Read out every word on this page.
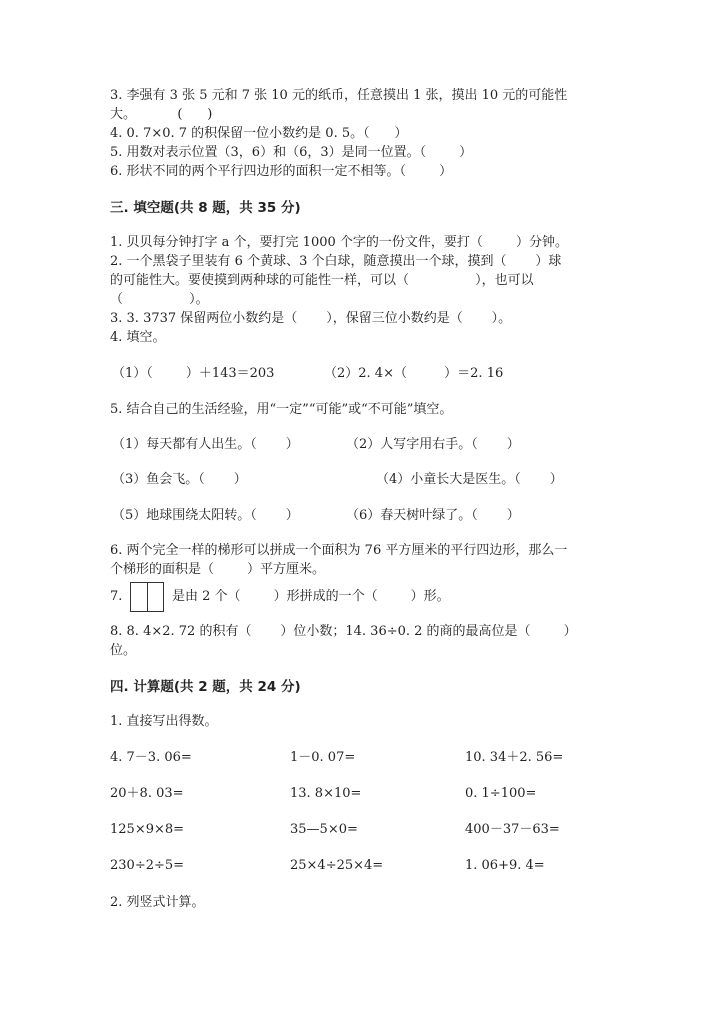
3. 李强有 3 张 5 元和 7 张 10 元的纸币，任意摸出 1 张，摸出 10 元的可能性
大。          (      )
4. 0. 7×0. 7 的积保留一位小数约是 0. 5。（      ）
5. 用数对表示位置（3，6）和（6，3）是同一位置。（        ）
6. 形状不同的两个平行四边形的面积一定不相等。（        ）
三. 填空题(共 8 题，共 35 分)
1. 贝贝每分钟打字 a 个，要打完 1000 个字的一份文件，要打（        ）分钟。
2. 一个黑袋子里装有 6 个黄球、3 个白球，随意摸出一个球，摸到（       ）球
的可能性大。要使摸到两种球的可能性一样，可以（                ），也可以
（                ）。
3. 3. 3737 保留两位小数约是（       ），保留三位小数约是（       ）。
4. 填空。
（1）（        ）＋143＝203	（2）2. 4×（         ）＝2. 16
5. 结合自己的生活经验，用“一定”“可能”或“不可能”填空。
（1）每天都有人出生。（       ）	（2）人写字用右手。（       ）
（3）鱼会飞。（       ）	（4）小童长大是医生。（       ）
（5）地球围绕太阳转。（       ）	（6）春天树叶绿了。（       ）
6. 两个完全一样的梯形可以拼成一个面积为 76 平方厘米的平行四边形，那么一
个梯形的面积是（        ）平方厘米。
7.	是由 2 个（        ）形拼成的一个（        ）形。
8. 8. 4×2. 72 的积有（       ）位小数；14. 36÷0. 2 的商的最高位是（        ）
位。
四. 计算题(共 2 题，共 24 分)
1. 直接写出得数。
4. 7－3. 06=	1－0. 07=	10. 34＋2. 56=
20＋8. 03=	13. 8×10=	0. 1÷100=
125×9×8=	35—5×0=	400－37－63=
230÷2÷5=	25×4÷25×4=	1. 06+9. 4=
2. 列竖式计算。
